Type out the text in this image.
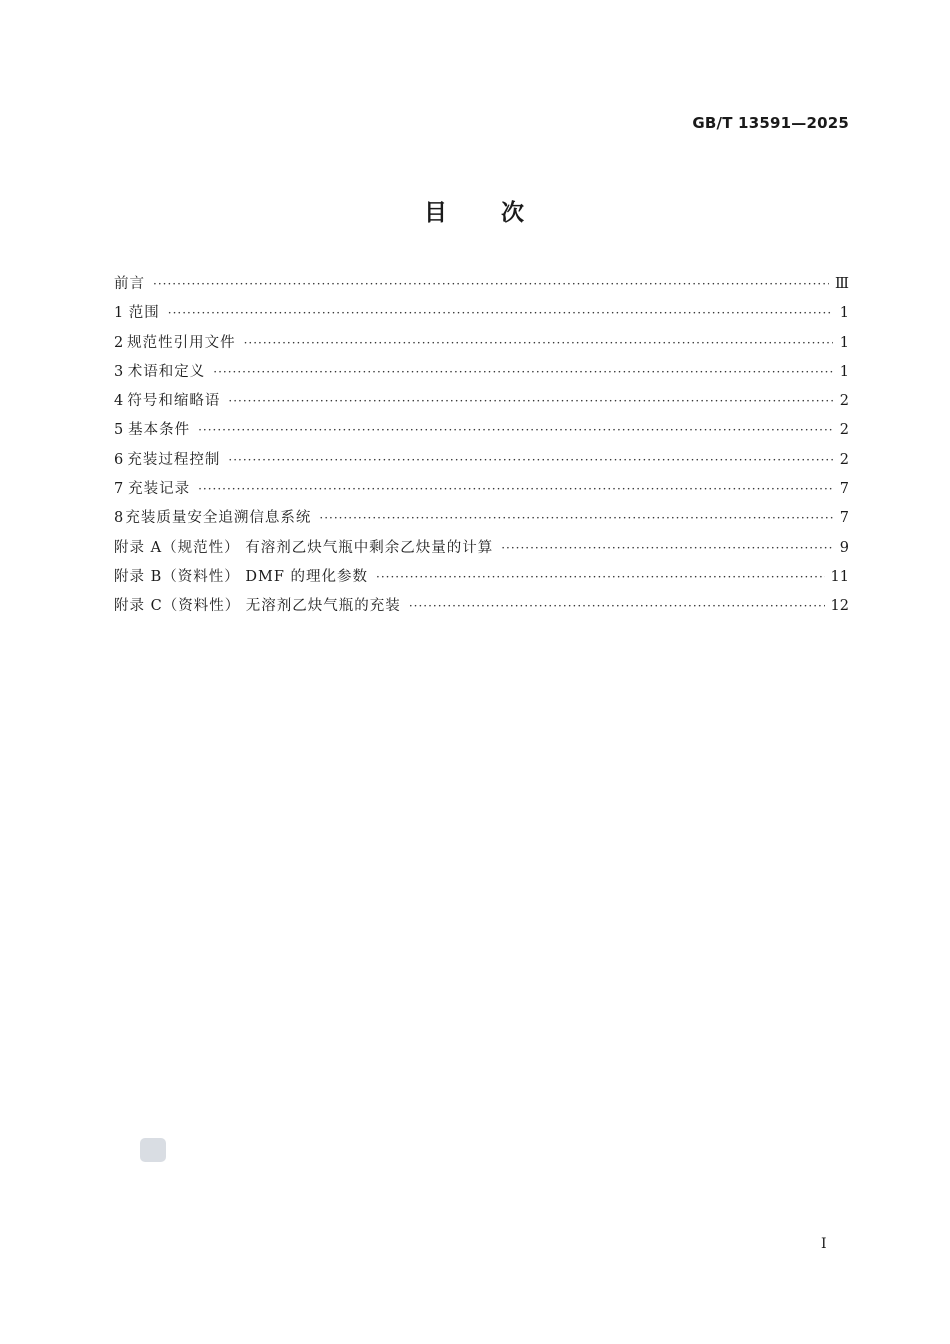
GB/T 13591—2025
目 次
前言 ·····	Ⅲ
1 范围 ·····	1
2 规范性引用文件 ·····	1
3 术语和定义 ·····	1
4 符号和缩略语 ·····	2
5 基本条件 ·····	2
6 充装过程控制 ·····	2
7 充装记录 ·····	7
8 充装质量安全追溯信息系统 ·····	7
附录 A（规范性） 有溶剂乙炔气瓶中剩余乙炔量的计算 ·····	9
附录 B（资料性） DMF 的理化参数 ·····	11
附录 C（资料性） 无溶剂乙炔气瓶的充装 ·····	12
I
